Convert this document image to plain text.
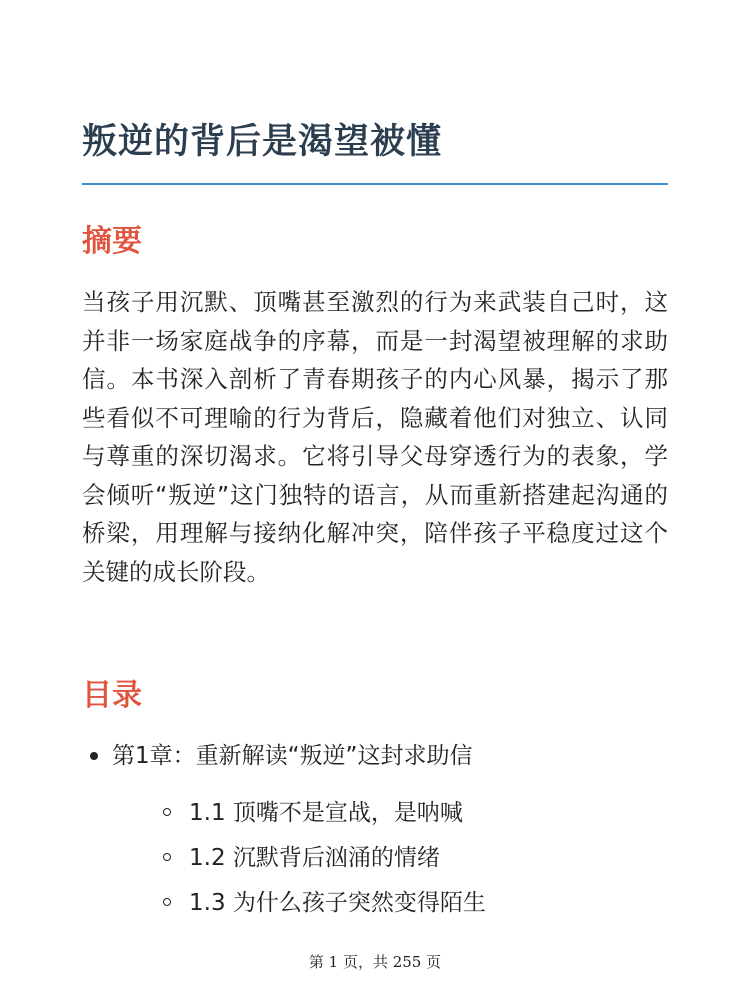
叛逆的背后是渴望被懂
摘要

当孩子用沉默、顶嘴甚至激烈的行为来武装自己时，这并非一场家庭战争的序幕，而是一封渴望被理解的求助信。本书深入剖析了青春期孩子的内心风暴，揭示了那些看似不可理喻的行为背后，隐藏着他们对独立、认同与尊重的深切渴求。它将引导父母穿透行为的表象，学会倾听“叛逆”这门独特的语言，从而重新搭建起沟通的桥梁，用理解与接纳化解冲突，陪伴孩子平稳度过这个关键的成长阶段。

目录
第1章：重新解读“叛逆”这封求助信
1.1 顶嘴不是宣战，是呐喊
1.2 沉默背后汹涌的情绪
1.3 为什么孩子突然变得陌生
第 1 页，共 255 页
